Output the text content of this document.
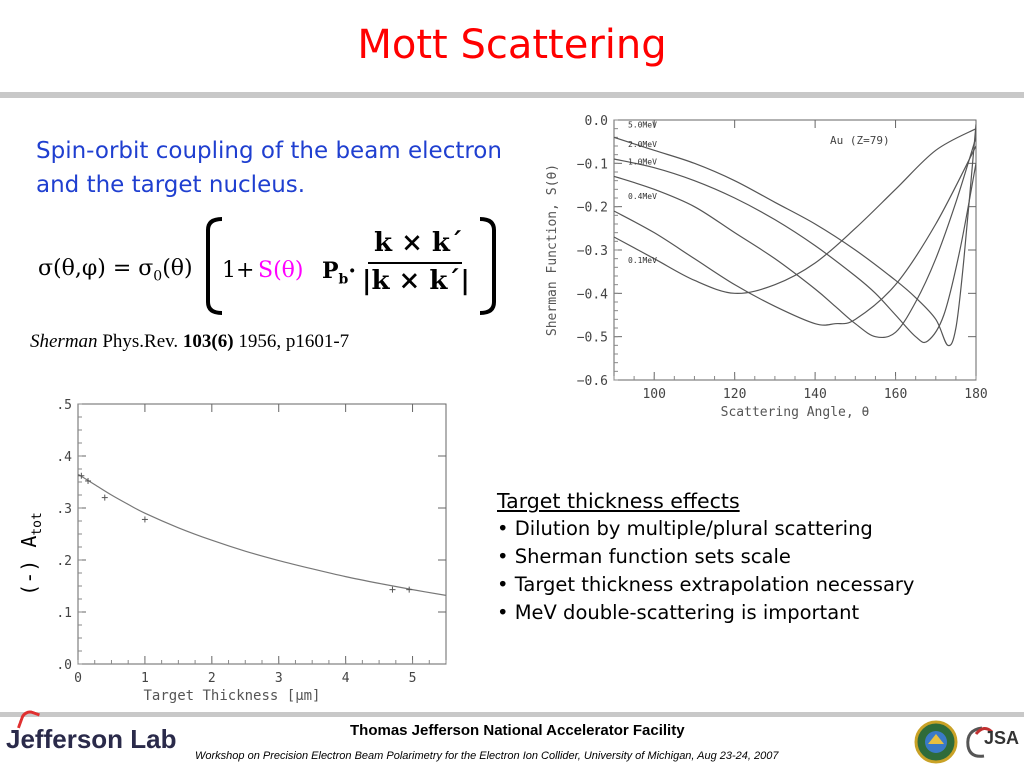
Mott Scattering
Spin-orbit coupling of the beam electron and the target nucleus.
$\sigma(\theta,\varphi) = \sigma_0(\theta)$ 1+ S(θ) $P_b\cdot$
k × k´
|k × k´|
Sherman Phys.Rev. 103(6) 1956, p1601-7
100	120	140	160	180
0.0
−0.1
−0.2
−0.3
−0.4
−0.5
−0.6
5.0MeV
2.0MeV
1.0MeV
0.4MeV
0.1MeV
Scattering Angle, θ
Sherman Function, S(θ)
Au (Z=79)
0	1	2	3	4	5
.0
.1
.2
.3
.4
.5
Target Thickness [μm]
(-) $A_{tot}$
Target thickness effects
• Dilution by multiple/plural scattering
• Sherman function sets scale
• Target thickness extrapolation necessary
• MeV double-scattering is important
Jefferson Lab	Thomas Jefferson National Accelerator Facility
Workshop on Precision Electron Beam Polarimetry for the Electron Ion Collider, University of Michigan, Aug 23-24, 2007
JSA
